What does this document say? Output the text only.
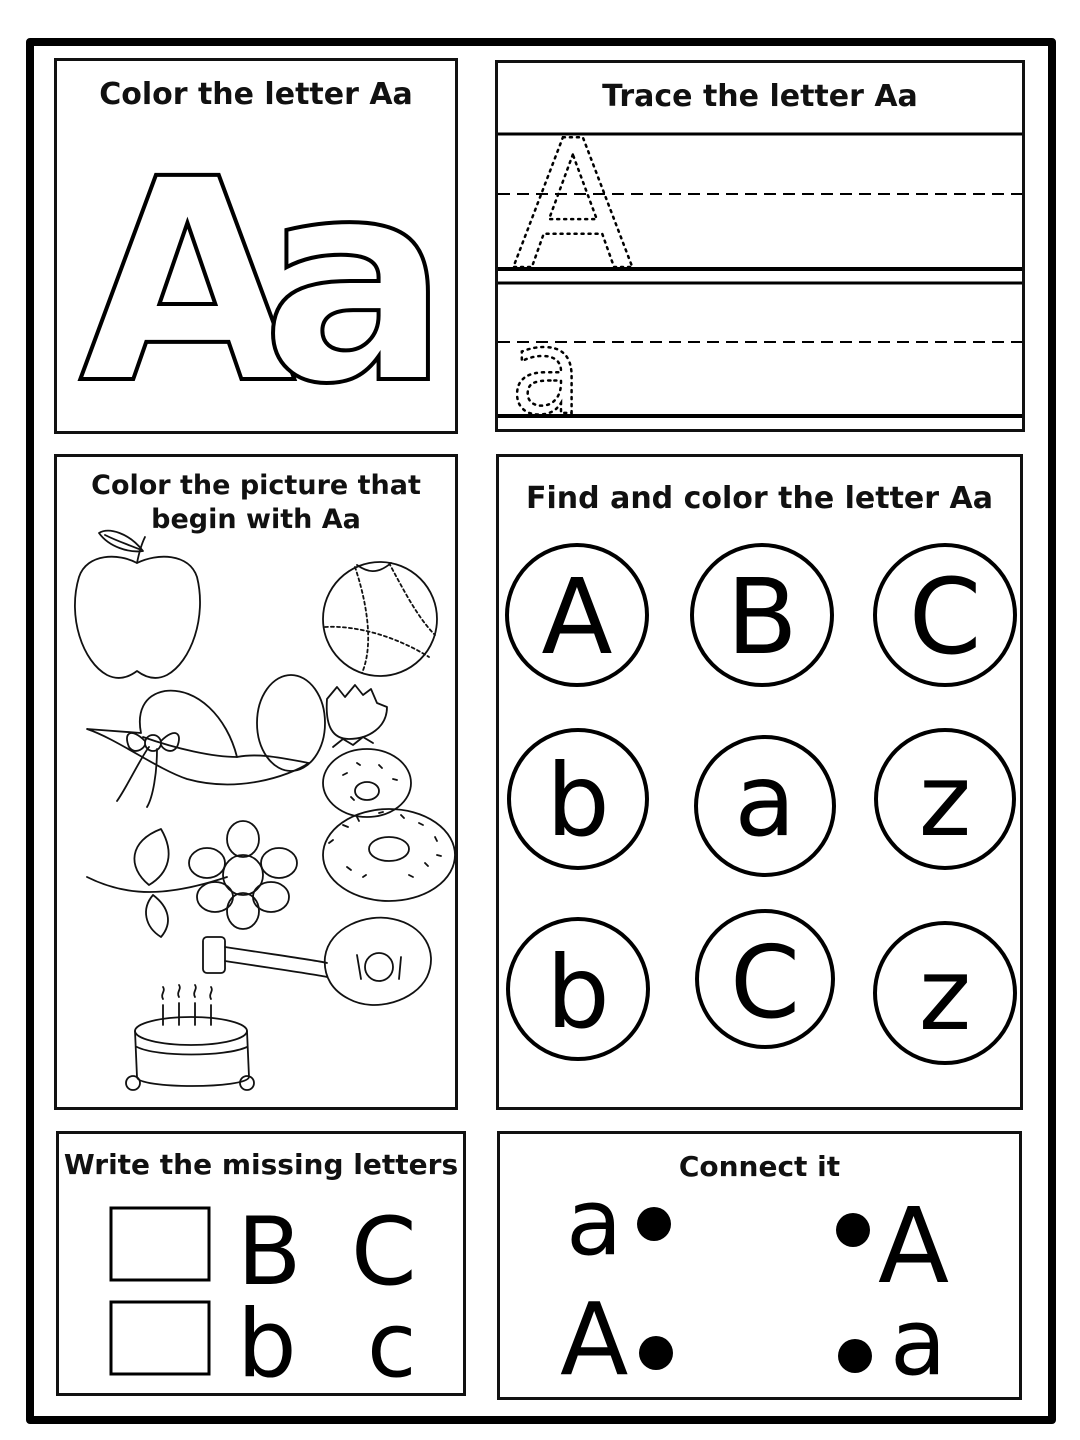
Color the letter Aa
A
a
Trace the letter Aa
A
a
Color the picture that
begin with Aa
Find and color the letter Aa
A B C
b a z
b C z
Write the missing letters
B C
b c
Connect it
a
A
A
a
